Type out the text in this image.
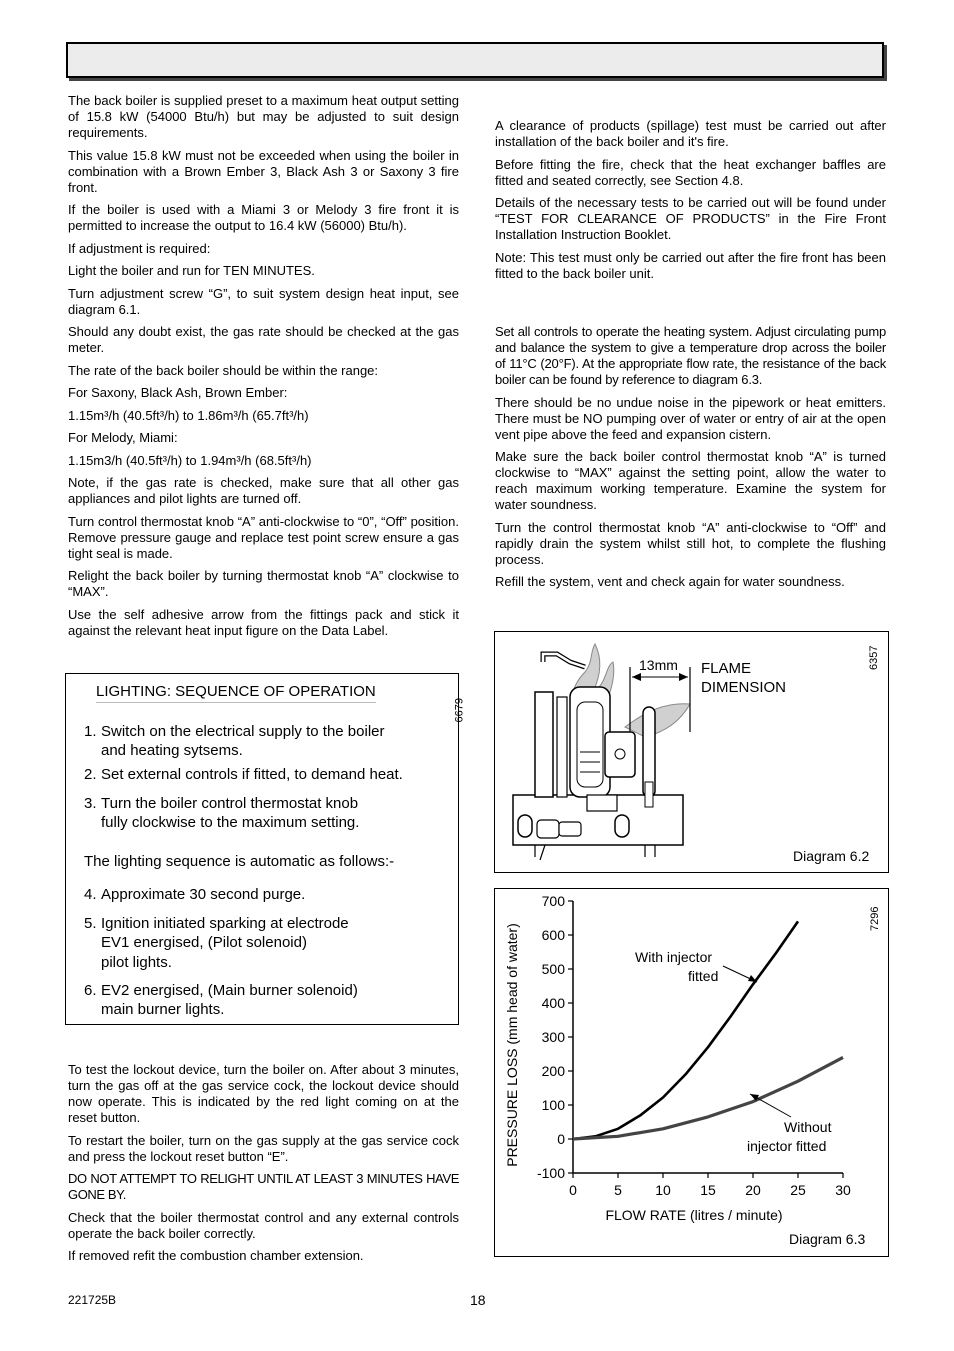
The back boiler is supplied preset to a maximum heat output setting of 15.8 kW (54000 Btu/h) but may be adjusted to suit design requirements.

This value 15.8 kW must not be exceeded when using the boiler in combination with a Brown Ember 3, Black Ash 3 or Saxony 3 fire front.

If the boiler is used with a Miami 3 or Melody 3 fire front it is permitted to increase the output to 16.4 kW (56000) Btu/h).

If adjustment is required:

Light the boiler and run for TEN MINUTES.

Turn adjustment screw “G”, to suit system design heat input, see diagram 6.1.

Should any doubt exist, the gas rate should be checked at the gas meter.

The rate of the back boiler should be within the range:

For Saxony, Black Ash, Brown Ember:

1.15m³/h (40.5ft³/h) to 1.86m³/h (65.7ft³/h)

For Melody, Miami:

1.15m3/h (40.5ft³/h) to 1.94m³/h (68.5ft³/h)

Note, if the gas rate is checked, make sure that all other gas appliances and pilot lights are turned off.

Turn control thermostat knob “A” anti-clockwise to “0”, “Off” position. Remove pressure gauge and replace test point screw ensure a gas tight seal is made.

Relight the back boiler by turning thermostat knob “A” clockwise to “MAX”.

Use the self adhesive arrow from the fittings pack and stick it against the relevant heat input figure on the Data Label.

LIGHTING: SEQUENCE OF OPERATION
6679
1. Switch on the electrical supply to the boiler
and heating sytsems.
2. Set external controls if fitted, to demand heat.
3. Turn the boiler control thermostat knob
fully clockwise to the maximum setting.
The lighting sequence is automatic as follows:-
4. Approximate 30 second purge.
5. Ignition initiated sparking at electrode
EV1 energised, (Pilot solenoid)
pilot lights.
6. EV2 energised, (Main burner solenoid)
main burner lights.

To test the lockout device, turn the boiler on. After about 3 minutes, turn the gas off at the gas service cock, the lockout device should now operate. This is indicated by the red light coming on at the reset button.

To restart the boiler, turn on the gas supply at the gas service cock and press the lockout reset button “E”.

DO NOT ATTEMPT TO RELIGHT UNTIL AT LEAST 3 MINUTES HAVE GONE BY.

Check that the boiler thermostat control and any external controls operate the back boiler correctly.

If removed refit the combustion chamber extension.

A clearance of products (spillage) test must be carried out after installation of the back boiler and it's fire.

Before fitting the fire, check that the heat exchanger baffles are fitted and seated correctly, see Section 4.8.

Details of the necessary tests to be carried out will be found under “TEST FOR CLEARANCE OF PRODUCTS” in the Fire Front Installation Instruction Booklet.

Note: This test must only be carried out after the fire front has been fitted to the back boiler unit.

Set all controls to operate the heating system. Adjust circulating pump and balance the system to give a temperature drop across the boiler of 11°C (20°F). At the appropriate flow rate, the resistance of the back boiler can be found by reference to diagram 6.3.

There should be no undue noise in the pipework or heat emitters. There must be NO pumping over of water or entry of air at the open vent pipe above the feed and expansion cistern.

Make sure the back boiler control thermostat knob “A” is turned clockwise to “MAX” against the setting point, allow the water to reach maximum working temperature. Examine the system for water soundness.

Turn the control thermostat knob “A” anti-clockwise to “Off” and rapidly drain the system whilst still hot, to complete the flushing process.

Refill the system, vent and check again for water soundness.

13mm FLAME
DIMENSION
6357
Diagram 6.2
700
600
500
400
300
200
100
0
-100
0	5 10 15 20 25 30
FLOW RATE (litres / minute)
PRESSURE LOSS (mm head of water)
7296
With injector
fitted
Without
injector fitted
Diagram 6.3
221725B	18
